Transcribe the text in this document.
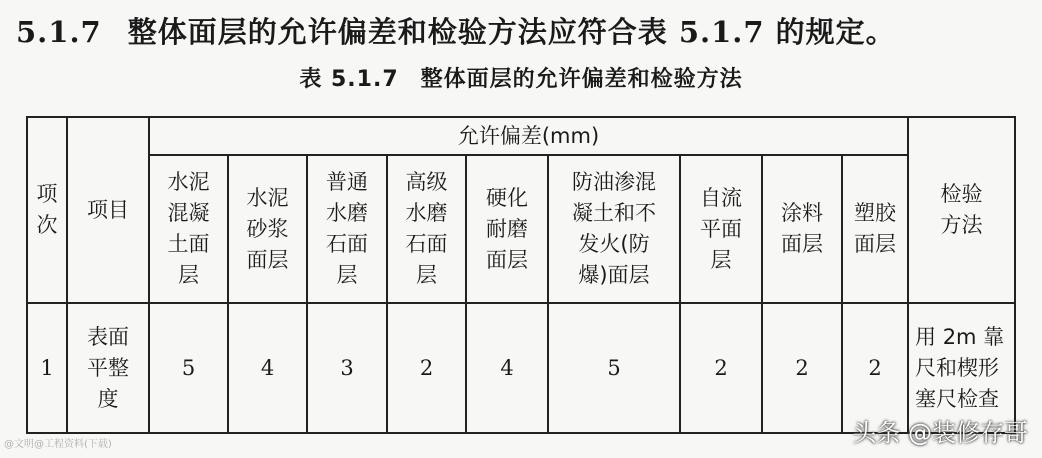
5.1.7 整体面层的允许偏差和检验方法应符合表 5.1.7 的规定。
表 5.1.7 整体面层的允许偏差和检验方法
项次	项目	允许偏差(mm)									检验方法
		水泥混凝土面层	水泥砂浆面层	普通水磨石面层	高级水磨石面层	硬化耐磨面层	防油渗混凝土和不发火(防爆)面层	自流平面层	涂料面层	塑胶面层	
1	表面平整度	5	4	3	2	4	5	2	2	2	用 2m 靠尺和楔形塞尺检查
@文明@工程资料(下载)	头条 @装修存哥
